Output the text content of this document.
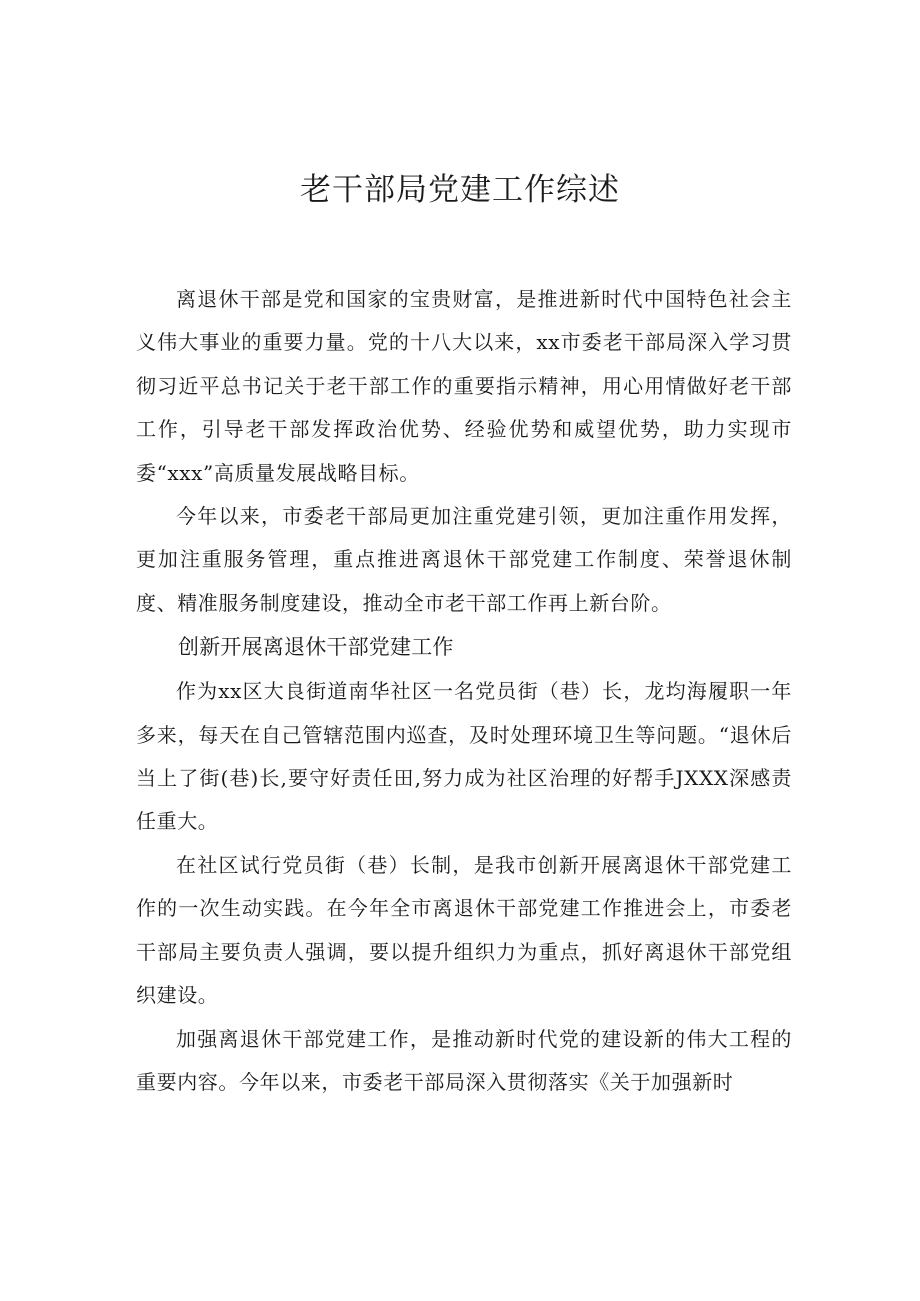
老干部局党建工作综述

离退休干部是党和国家的宝贵财富，是推进新时代中国特色社会主义伟大事业的重要力量。党的十八大以来，xx市委老干部局深入学习贯彻习近平总书记关于老干部工作的重要指示精神，用心用情做好老干部工作，引导老干部发挥政治优势、经验优势和威望优势，助力实现市委“xxx”高质量发展战略目标。

今年以来，市委老干部局更加注重党建引领，更加注重作用发挥，更加注重服务管理，重点推进离退休干部党建工作制度、荣誉退休制度、精准服务制度建设，推动全市老干部工作再上新台阶。

创新开展离退休干部党建工作

作为xx区大良街道南华社区一名党员街（巷）长，龙均海履职一年多来，每天在自己管辖范围内巡查，及时处理环境卫生等问题。“退休后当上了街(巷)长,要守好责任田,努力成为社区治理的好帮手JXXX深感责任重大。

在社区试行党员街（巷）长制，是我市创新开展离退休干部党建工作的一次生动实践。在今年全市离退休干部党建工作推进会上，市委老干部局主要负责人强调，要以提升组织力为重点，抓好离退休干部党组织建设。

加强离退休干部党建工作，是推动新时代党的建设新的伟大工程的重要内容。今年以来，市委老干部局深入贯彻落实《关于加强新时
